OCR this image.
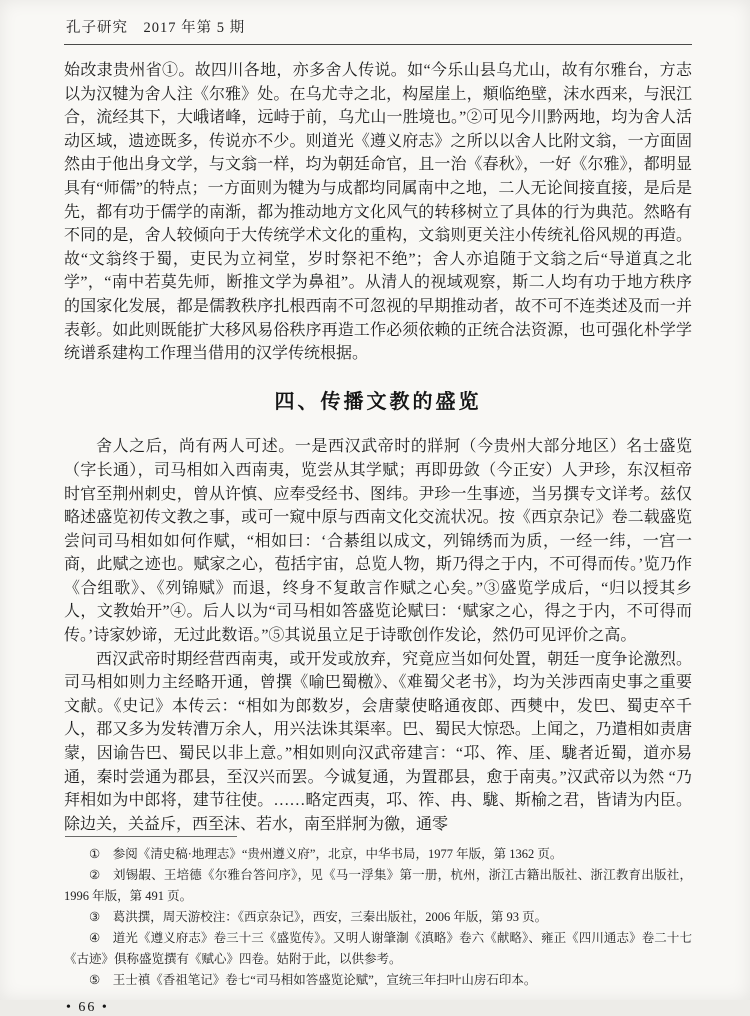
孔子研究　2017 年第 5 期

始改隶贵州省①。故四川各地，亦多舍人传说。如“今乐山县乌尤山，故有尔雅台，方志以为汉犍为舍人注《尔雅》处。在乌尤寺之北，构屋崖上，頫临绝壁，沫水西来，与泯江合，流经其下，大峨诸峰，远峙于前，乌尤山一胜境也。”②可见今川黔两地，均为舍人活动区域，遗迹既多，传说亦不少。则道光《遵义府志》之所以以舍人比附文翁，一方面固然由于他出身文学，与文翁一样，均为朝廷命官，且一治《春秋》，一好《尔雅》，都明显具有“师儒”的特点；一方面则为犍为与成都均同属南中之地，二人无论间接直接，是后是先，都有功于儒学的南渐，都为推动地方文化风气的转移树立了具体的行为典范。然略有不同的是，舍人较倾向于大传统学术文化的重构，文翁则更关注小传统礼俗风规的再造。故“文翁终于蜀，吏民为立祠堂，岁时祭祀不绝”；舍人亦追随于文翁之后“导道真之北学”，“南中若莫先师，断推文学为鼻祖”。从清人的视域观察，斯二人均有功于地方秩序的国家化发展，都是儒教秩序扎根西南不可忽视的早期推动者，故不可不连类述及而一并表彰。如此则既能扩大移风易俗秩序再造工作必须依赖的正统合法资源，也可强化朴学学统谱系建构工作理当借用的汉学传统根据。

四、传播文教的盛览

舍人之后，尚有两人可述。一是西汉武帝时的牂牁（今贵州大部分地区）名士盛览（字长通），司马相如入西南夷，览尝从其学赋；再即毋敛（今正安）人尹珍，东汉桓帝时官至荆州刺史，曾从许慎、应奉受经书、图纬。尹珍一生事迹，当另撰专文详考。兹仅略述盛览初传文教之事，或可一窥中原与西南文化交流状况。按《西京杂记》卷二载盛览尝问司马相如如何作赋，“相如曰：‘合綦组以成文，列锦绣而为质，一经一纬，一宫一商，此赋之迹也。赋家之心，苞括宇宙，总览人物，斯乃得之于内，不可得而传。’览乃作《合组歌》、《列锦赋》而退，终身不复敢言作赋之心矣。”③盛览学成后，“归以授其乡人，文教始开”④。后人以为“司马相如答盛览论赋曰：‘赋家之心，得之于内，不可得而传。’诗家妙谛，无过此数语。”⑤其说虽立足于诗歌创作发论，然仍可见评价之高。

西汉武帝时期经营西南夷，或开发或放弃，究竟应当如何处置，朝廷一度争论激烈。司马相如则力主经略开通，曾撰《喻巴蜀檄》、《难蜀父老书》，均为关涉西南史事之重要文献。《史记》本传云：“相如为郎数岁，会唐蒙使略通夜郎、西僰中，发巴、蜀吏卒千人，郡又多为发转漕万余人，用兴法诛其渠率。巴、蜀民大惊恐。上闻之，乃遣相如责唐蒙，因谕告巴、蜀民以非上意。”相如则向汉武帝建言：“邛、筰、厓、駹者近蜀，道亦易通，秦时尝通为郡县，至汉兴而罢。今诚复通，为置郡县，愈于南夷。”汉武帝以为然 “乃拜相如为中郎将，建节往使。……略定西夷，邛、筰、冉、駹、斯榆之君，皆请为内臣。除边关，关益斥，西至沫、若水，南至牂牁为徼，通零

① 参阅《清史稿·地理志》“贵州遵义府”，北京，中华书局，1977 年版，第 1362 页。
② 刘锡嘏、王培德《尔雅台答问序》，见《马一浮集》第一册，杭州，浙江古籍出版社、浙江教育出版社，1996 年版，第 491 页。
③ 葛洪撰，周天游校注：《西京杂记》，西安，三秦出版社，2006 年版，第 93 页。
④ 道光《遵义府志》卷三十三《盛览传》。又明人谢肇淛《滇略》卷六《献略》、雍正《四川通志》卷二十七《古迹》俱称盛览撰有《赋心》四卷。姑附于此，以供参考。
⑤ 王士禛《香祖笔记》卷七“司马相如答盛览论赋”，宣统三年扫叶山房石印本。
• 66 •
